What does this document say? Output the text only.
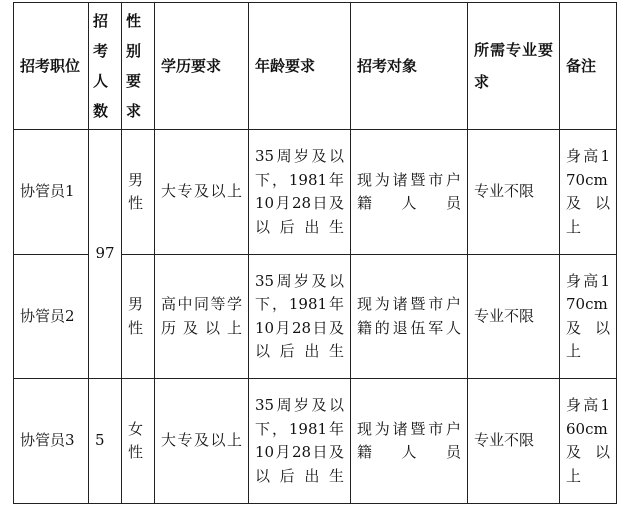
招考职位	招考人数	性别要求	学历要求	年龄要求	招考对象	所需专业要求	备注
协管员1	97	男性	大专及以上	35周岁及以下，1981年10月28日及以后出生	现为诸暨市户籍人员	专业不限	身高170cm及以上
协管员2		男性	高中同等学历及以上	35周岁及以下，1981年10月28日及以后出生	现为诸暨市户籍的退伍军人	专业不限	身高170cm及以上
协管员3	5	女性	大专及以上	35周岁及以下，1981年10月28日及以后出生	现为诸暨市户籍人员	专业不限	身高160cm及以上
